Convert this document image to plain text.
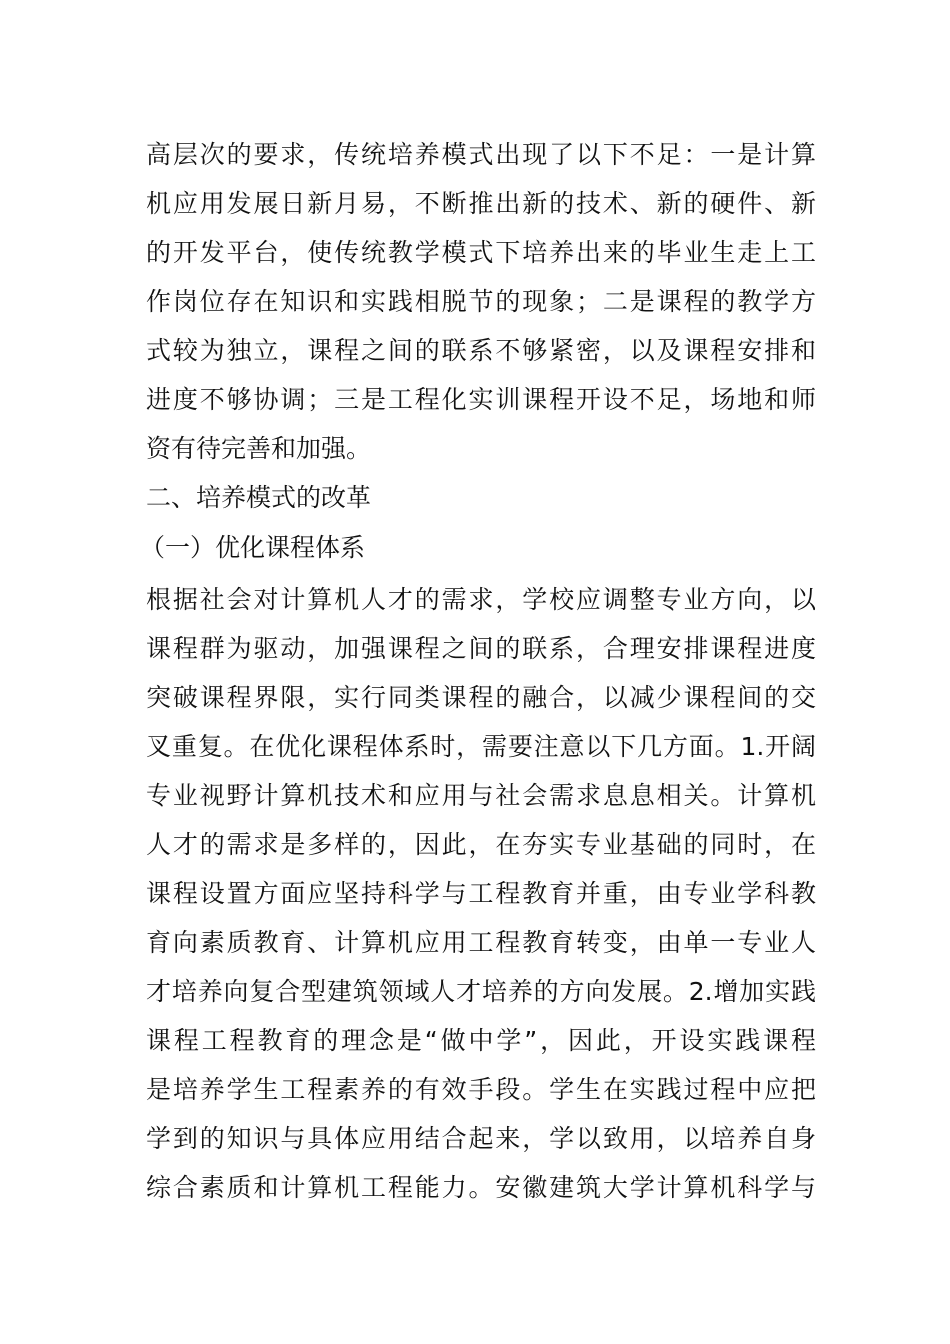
高层次的要求，传统培养模式出现了以下不足：一是计算
机应用发展日新月易，不断推出新的技术、新的硬件、新
的开发平台，使传统教学模式下培养出来的毕业生走上工
作岗位存在知识和实践相脱节的现象；二是课程的教学方
式较为独立，课程之间的联系不够紧密，以及课程安排和
进度不够协调；三是工程化实训课程开设不足，场地和师
资有待完善和加强。
二、培养模式的改革
（一）优化课程体系
根据社会对计算机人才的需求，学校应调整专业方向，以
课程群为驱动，加强课程之间的联系，合理安排课程进度
突破课程界限，实行同类课程的融合，以减少课程间的交
叉重复。在优化课程体系时，需要注意以下几方面。1.开阔
专业视野计算机技术和应用与社会需求息息相关。计算机
人才的需求是多样的，因此，在夯实专业基础的同时，在
课程设置方面应坚持科学与工程教育并重，由专业学科教
育向素质教育、计算机应用工程教育转变，由单一专业人
才培养向复合型建筑领域人才培养的方向发展。2.增加实践
课程工程教育的理念是“做中学”，因此，开设实践课程
是培养学生工程素养的有效手段。学生在实践过程中应把
学到的知识与具体应用结合起来，学以致用，以培养自身
综合素质和计算机工程能力。安徽建筑大学计算机科学与
